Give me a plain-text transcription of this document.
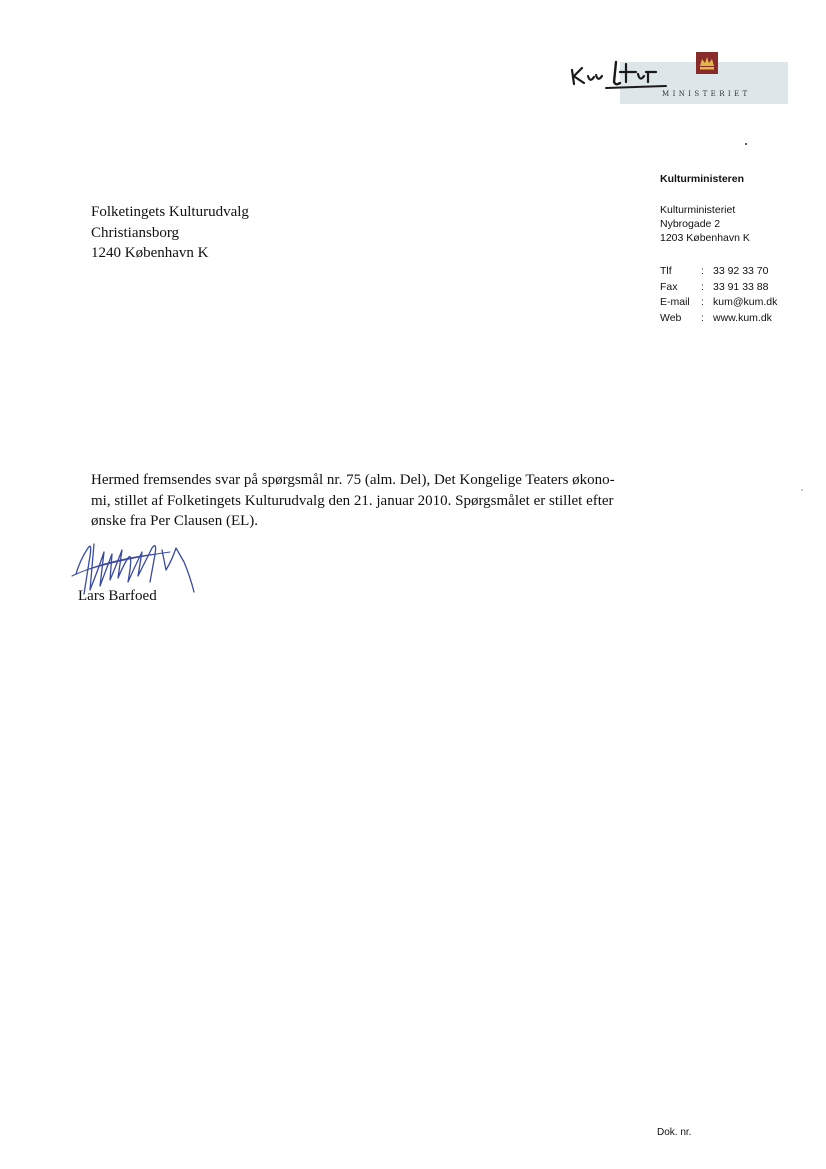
MINISTERIET
Kulturministeren
Kulturministeriet
Nybrogade 2
1203 København K
Tlf	: 33 92 33 70
Fax	: 33 91 33 88
E-mail	: kum@kum.dk
Web	: www.kum.dk
Folketingets Kulturudvalg
Christiansborg
1240 København K
Hermed fremsendes svar på spørgsmål nr. 75 (alm. Del), Det Kongelige Teaters økono-
mi, stillet af Folketingets Kulturudvalg den 21. januar 2010. Spørgsmålet er stillet efter
ønske fra Per Clausen (EL).
Lars Barfoed
Dok. nr.
